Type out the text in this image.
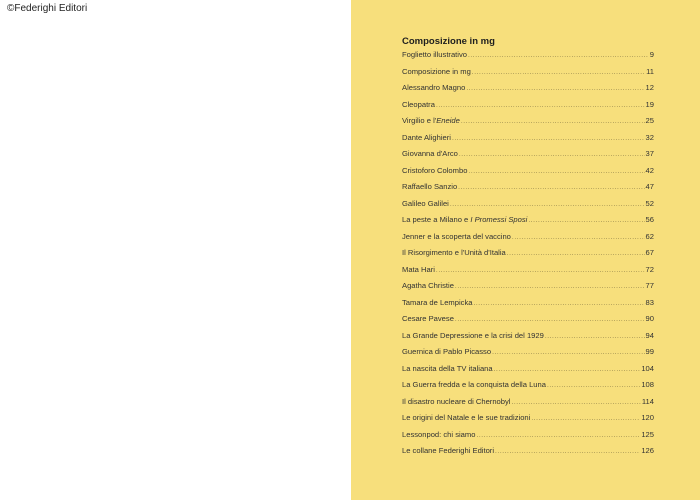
©Federighi Editori
Composizione in mg
Foglietto illustrativo .....	9
Composizione in mg .....	11
Alessandro Magno .....	12
Cleopatra .....	19
Virgilio e l'Eneide .....	25
Dante Alighieri .....	32
Giovanna d'Arco .....	37
Cristoforo Colombo .....	42
Raffaello Sanzio .....	47
Galileo Galilei .....	52
La peste a Milano e I Promessi Sposi .....	56
Jenner e la scoperta del vaccino .....	62
Il Risorgimento e l'Unità d'Italia .....	67
Mata Hari .....	72
Agatha Christie .....	77
Tamara de Lempicka .....	83
Cesare Pavese .....	90
La Grande Depressione e la crisi del 1929 .....	94
Guernica di Pablo Picasso .....	99
La nascita della TV italiana .....	104
La Guerra fredda e la conquista della Luna .....	108
Il disastro nucleare di Chernobyl .....	114
Le origini del Natale e le sue tradizioni .....	120
Lessonpod: chi siamo .....	125
Le collane Federighi Editori .....	126
